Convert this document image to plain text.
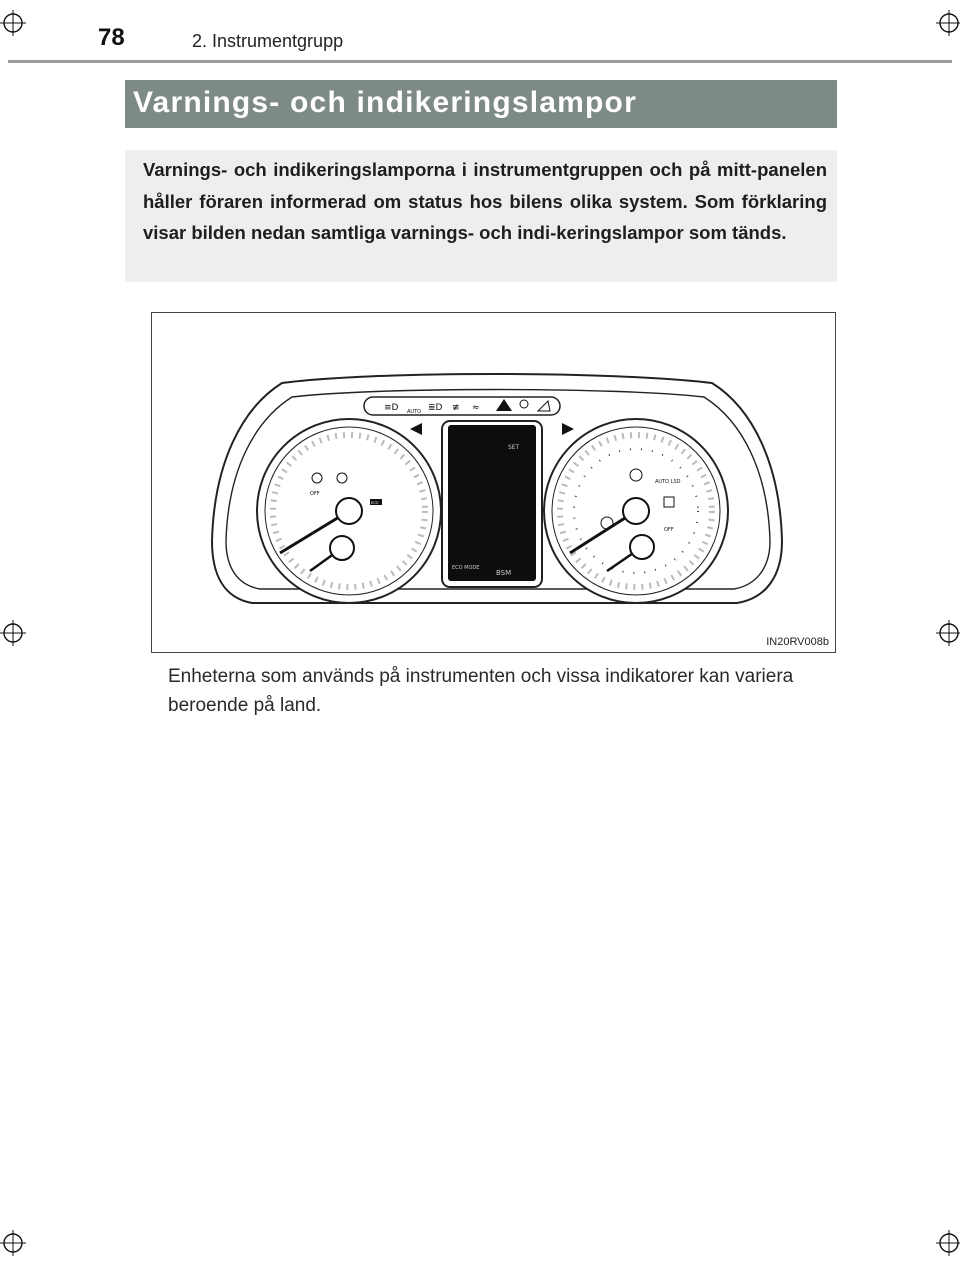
78	2. Instrumentgrupp
Varnings- och indikeringslampor
Varnings- och indikeringslamporna i instrumentgruppen och på mitt-panelen håller föraren informerad om status hos bilens olika system. Som förklaring visar bilden nedan samtliga varnings- och indi-keringslampor som tänds.
≡D AUTO ≣D ≢ ≈
OFF
ECO
SET
ECO MODE
BSM
AUTO LSD
OFF
IN20RV008b
Enheterna som används på instrumenten och vissa indikatorer kan variera beroende på land.
